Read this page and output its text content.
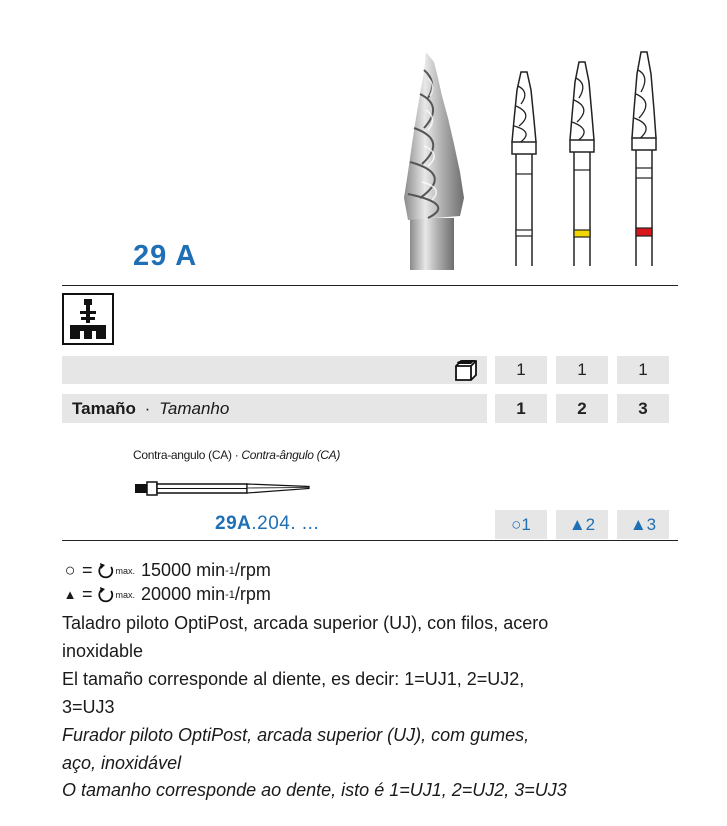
29 A
1	1	1
Tamaño · Tamanho	1	2	3
Contra-angulo (CA) · Contra-ângulo (CA)
29A.204. ...	○1	▲2	▲3
○ =	max. 15000
min -1 /rpm
▲ =	max. 20000
min -1 /rpm
Taladro piloto OptiPost, arcada superior (UJ), con filos, acero
inoxidable
El tamaño corresponde al diente, es decir: 1=UJ1, 2=UJ2,
3=UJ3
Furador piloto OptiPost, arcada superior (UJ), com gumes,
aço, inoxidável
O tamanho corresponde ao dente, isto é 1=UJ1, 2=UJ2, 3=UJ3
